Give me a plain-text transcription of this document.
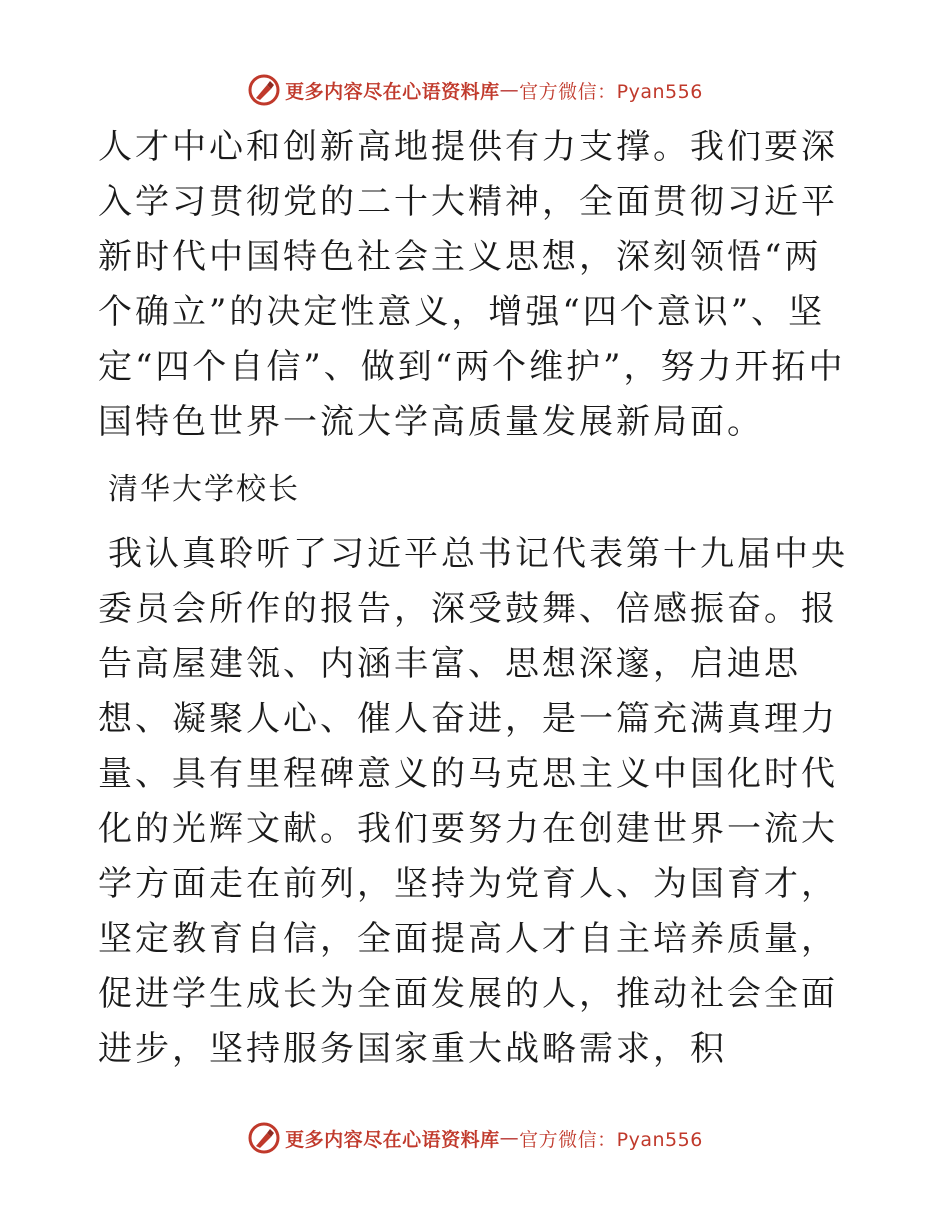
更多内容尽在心语资料库 — 官方微信：Pyan556

人才中心和创新高地提供有力支撑。我们要深入学习贯彻党的二十大精神，全面贯彻习近平新时代中国特色社会主义思想，深刻领悟“两个确立”的决定性意义，增强“四个意识”、坚定“四个自信”、做到“两个维护”，努力开拓中国特色世界一流大学高质量发展新局面。

清华大学校长

我认真聆听了习近平总书记代表第十九届中央委员会所作的报告，深受鼓舞、倍感振奋。报告高屋建瓴、内涵丰富、思想深邃，启迪思想、凝聚人心、催人奋进，是一篇充满真理力量、具有里程碑意义的马克思主义中国化时代化的光辉文献。我们要努力在创建世界一流大学方面走在前列，坚持为党育人、为国育才，坚定教育自信，全面提高人才自主培养质量，促进学生成长为全面发展的人，推动社会全面进步，坚持服务国家重大战略需求，积

更多内容尽在心语资料库 — 官方微信：Pyan556
